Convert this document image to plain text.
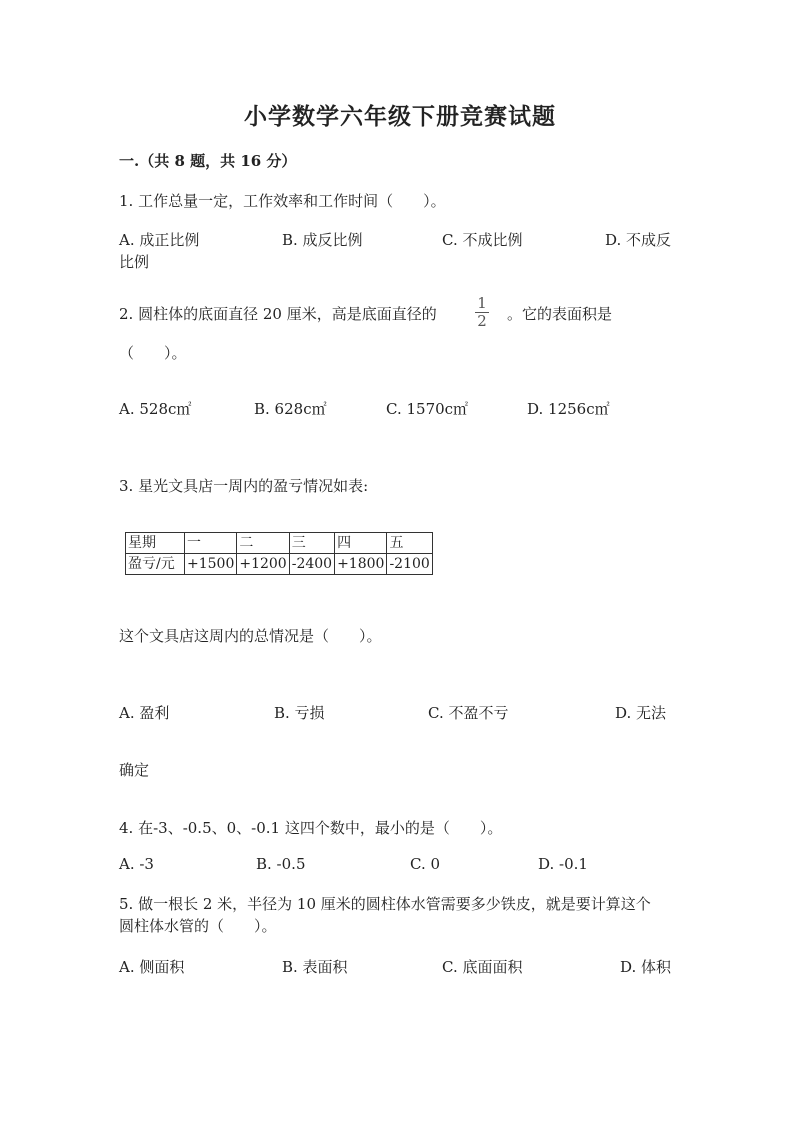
小学数学六年级下册竞赛试题
一.（共 8 题，共 16 分）
1. 工作总量一定，工作效率和工作时间（　　）。
A. 成正比例	B. 成反比例	C. 不成比例	D. 不成反
比例
2. 圆柱体的底面直径 20 厘米，高是底面直径的
1
2	。它的表面积是
（　　）。
A. 528c㎡	B. 628c㎡	C. 1570c㎡	D. 1256c㎡
3. 星光文具店一周内的盈亏情况如表:
星期	一	二	三	四	五
盈亏/元	+1500	+1200	-2400	+1800	-2100
这个文具店这周内的总情况是（　　）。
A. 盈利	B. 亏损	C. 不盈不亏	D. 无法
确定
4. 在-3、-0.5、0、-0.1 这四个数中，最小的是（　　）。
A. -3	B. -0.5	C. 0	D. -0.1
5. 做一根长 2 米，半径为 10 厘米的圆柱体水管需要多少铁皮，就是要计算这个
圆柱体水管的（　　）。
A. 侧面积	B. 表面积	C. 底面面积	D. 体积
